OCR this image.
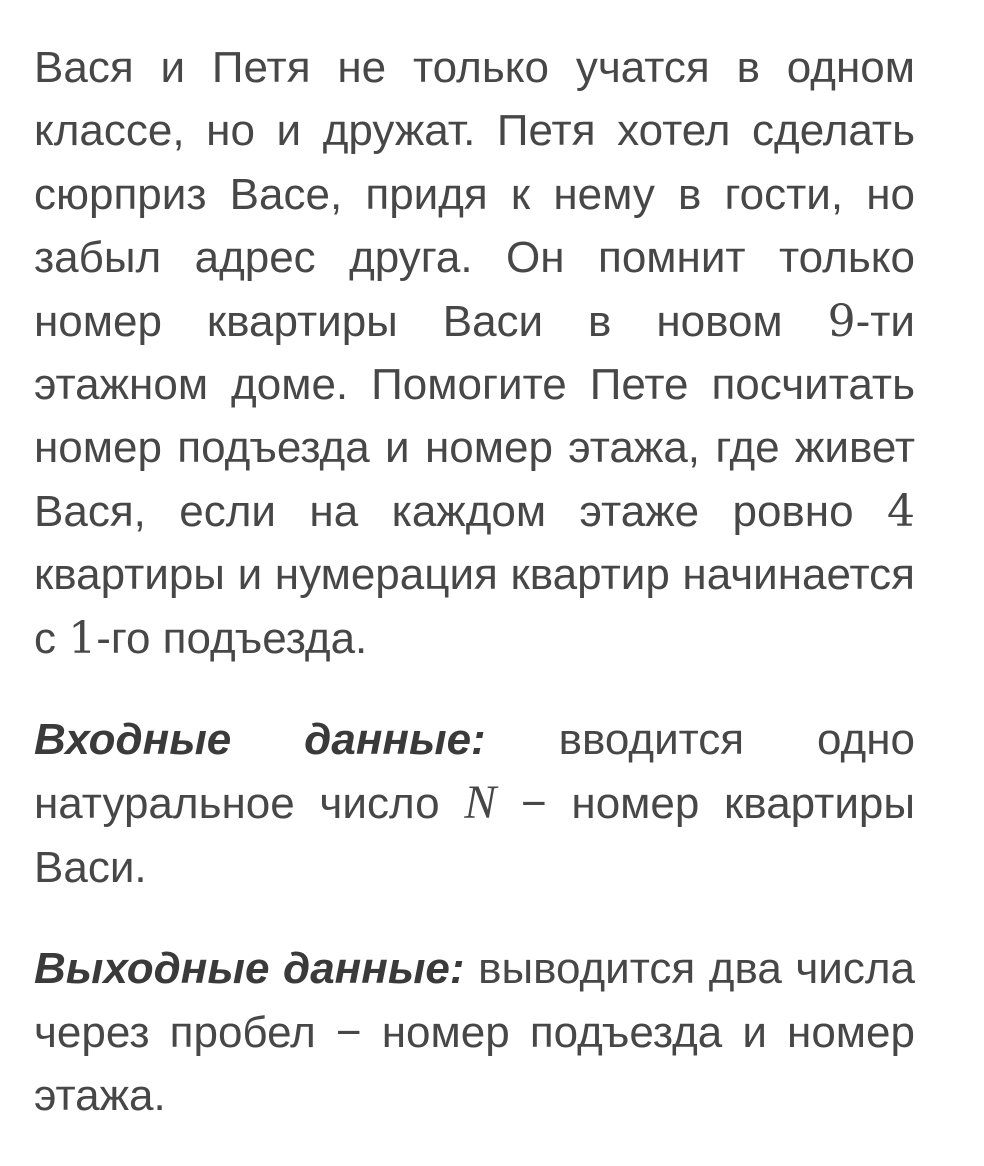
Вася и Петя не только учатся в одном классе, но и дружат. Петя хотел сделать сюрприз Васе, придя к нему в гости, но забыл адрес друга. Он помнит только номер квартиры Васи в новом 9-ти этажном доме. Помогите Пете посчитать номер подъезда и номер этажа, где живет Вася, если на каждом этаже ровно 4 квартиры и нумерация квартир начинается с 1-го подъезда.

Входные данные: вводится одно натуральное число N − номер квартиры Васи.

Выходные данные: выводится два числа через пробел − номер подъезда и номер этажа.
